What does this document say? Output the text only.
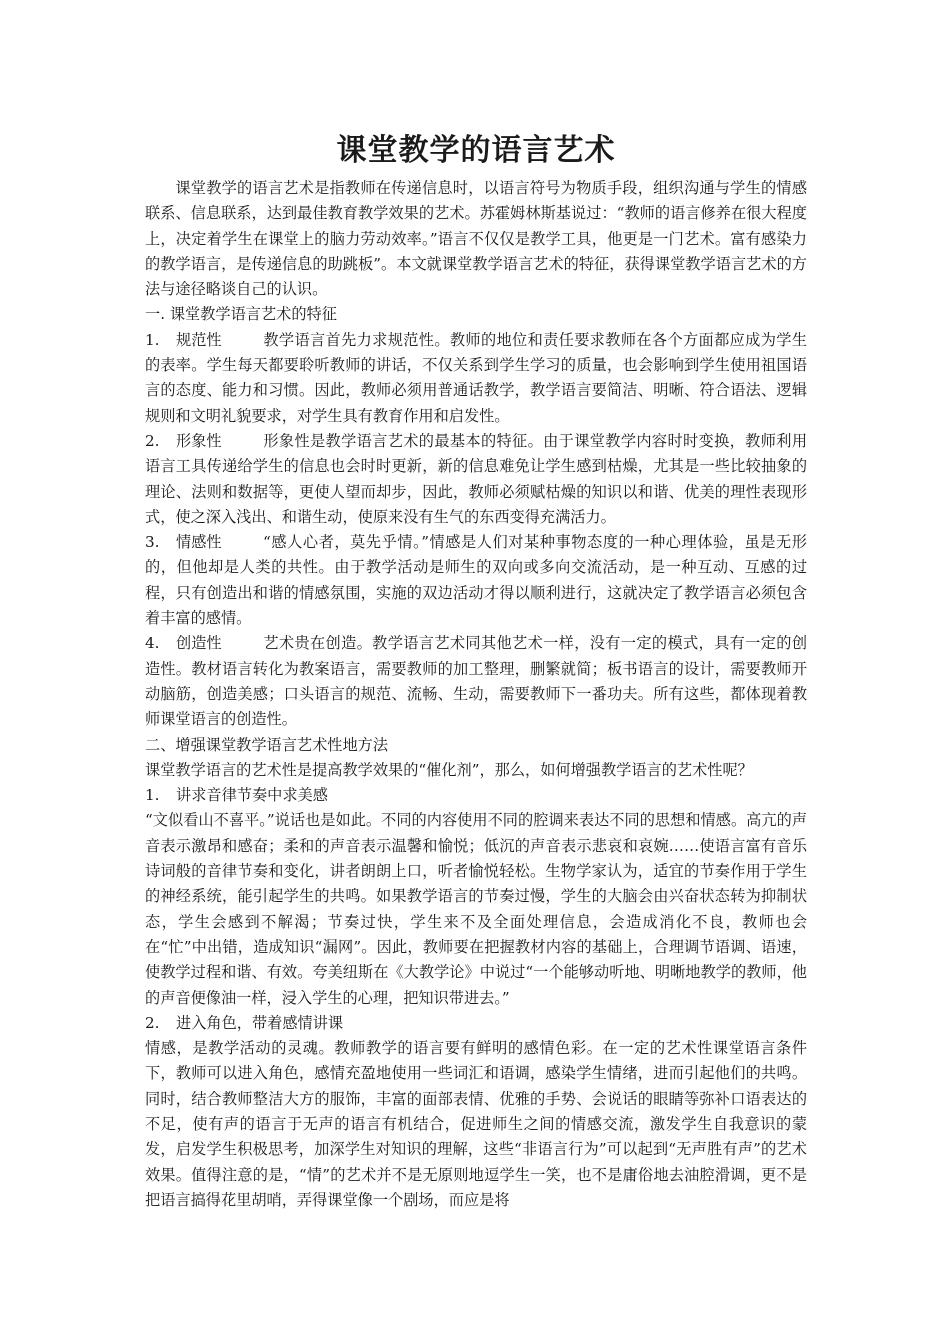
课堂教学的语言艺术

课堂教学的语言艺术是指教师在传递信息时，以语言符号为物质手段，组织沟通与学生的情感联系、信息联系，达到最佳教育教学效果的艺术。苏霍姆林斯基说过：“教师的语言修养在很大程度上，决定着学生在课堂上的脑力劳动效率。”语言不仅仅是教学工具，他更是一门艺术。富有感染力的教学语言，是传递信息的助跳板”。本文就课堂教学语言艺术的特征，获得课堂教学语言艺术的方法与途径略谈自己的认识。

一. 课堂教学语言艺术的特征

1. 规范性	教学语言首先力求规范性。教师的地位和责任要求教师在各个方面都应成为学生的表率。学生每天都要聆听教师的讲话，不仅关系到学生学习的质量，也会影响到学生使用祖国语言的态度、能力和习惯。因此，教师必须用普通话教学，教学语言要简洁、明晰、符合语法、逻辑规则和文明礼貌要求，对学生具有教育作用和启发性。

2. 形象性	形象性是教学语言艺术的最基本的特征。由于课堂教学内容时时变换，教师利用语言工具传递给学生的信息也会时时更新，新的信息难免让学生感到枯燥，尤其是一些比较抽象的理论、法则和数据等，更使人望而却步，因此，教师必须赋枯燥的知识以和谐、优美的理性表现形式，使之深入浅出、和谐生动，使原来没有生气的东西变得充满活力。

3. 情感性	“感人心者，莫先乎情。”情感是人们对某种事物态度的一种心理体验，虽是无形的，但他却是人类的共性。由于教学活动是师生的双向或多向交流活动，是一种互动、互感的过程，只有创造出和谐的情感氛围，实施的双边活动才得以顺利进行，这就决定了教学语言必须包含着丰富的感情。

4. 创造性	艺术贵在创造。教学语言艺术同其他艺术一样，没有一定的模式，具有一定的创造性。教材语言转化为教案语言，需要教师的加工整理，删繁就简；板书语言的设计，需要教师开动脑筋，创造美感；口头语言的规范、流畅、生动，需要教师下一番功夫。所有这些，都体现着教师课堂语言的创造性。

二、增强课堂教学语言艺术性地方法

课堂教学语言的艺术性是提高教学效果的“催化剂”，那么，如何增强教学语言的艺术性呢？

1. 讲求音律节奏中求美感

“文似看山不喜平。”说话也是如此。不同的内容使用不同的腔调来表达不同的思想和情感。高亢的声音表示激昂和感奋；柔和的声音表示温馨和愉悦；低沉的声音表示悲哀和哀婉……使语言富有音乐诗词般的音律节奏和变化，讲者朗朗上口，听者愉悦轻松。生物学家认为，适宜的节奏作用于学生的神经系统，能引起学生的共鸣。如果教学语言的节奏过慢，学生的大脑会由兴奋状态转为抑制状态，学生会感到不解渴；节奏过快，学生来不及全面处理信息，会造成消化不良，教师也会在“忙”中出错，造成知识“漏网”。因此，教师要在把握教材内容的基础上，合理调节语调、语速，使教学过程和谐、有效。夸美纽斯在《大教学论》中说过“一个能够动听地、明晰地教学的教师，他的声音便像油一样，浸入学生的心理，把知识带进去。”

2. 进入角色，带着感情讲课

情感，是教学活动的灵魂。教师教学的语言要有鲜明的感情色彩。在一定的艺术性课堂语言条件下，教师可以进入角色，感情充盈地使用一些词汇和语调，感染学生情绪，进而引起他们的共鸣。同时，结合教师整洁大方的服饰，丰富的面部表情、优雅的手势、会说话的眼睛等弥补口语表达的不足，使有声的语言于无声的语言有机结合，促进师生之间的情感交流，激发学生自我意识的蒙发，启发学生积极思考，加深学生对知识的理解，这些“非语言行为”可以起到“无声胜有声”的艺术效果。值得注意的是，“情”的艺术并不是无原则地逗学生一笑，也不是庸俗地去油腔滑调，更不是把语言搞得花里胡哨，弄得课堂像一个剧场，而应是将
